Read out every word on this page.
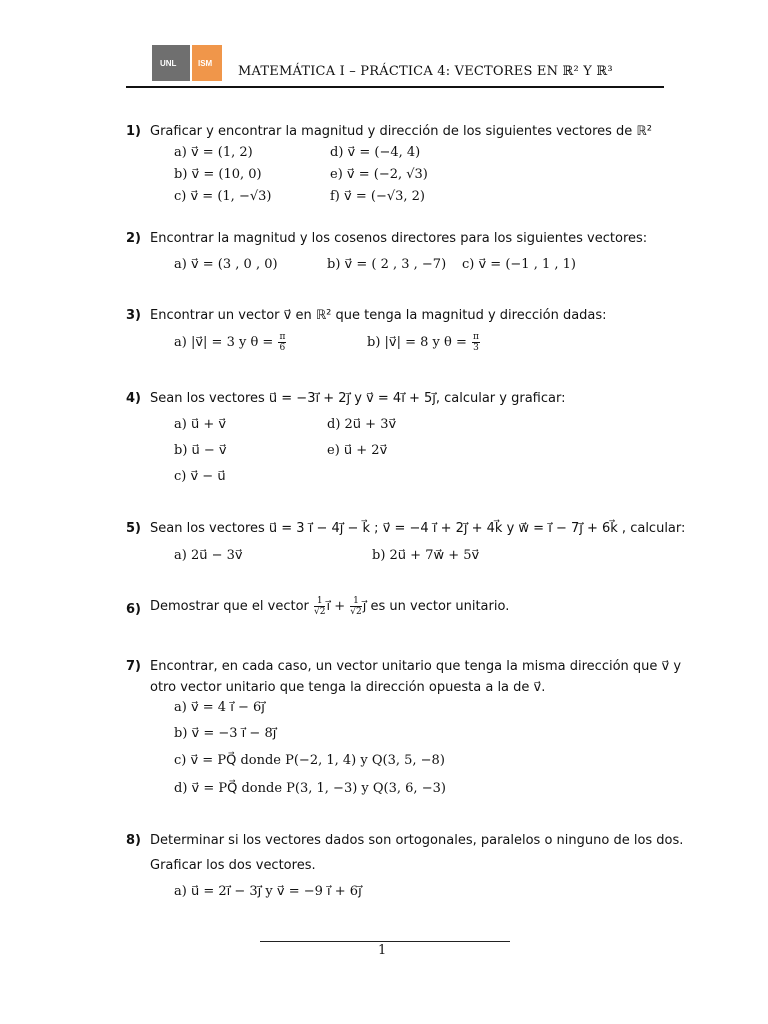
UNL	ISM
MATEMÁTICA I – PRÁCTICA 4: VECTORES EN ℝ² Y ℝ³
1) Graficar y encontrar la magnitud y dirección de los siguientes vectores de ℝ²
a) v⃗ = (1, 2)
b) v⃗ = (10, 0)
c) v⃗ = (1, −√3)
d) v⃗ = (−4, 4)
e) v⃗ = (−2, √3)
f) v⃗ = (−√3, 2)
2) Encontrar la magnitud y los cosenos directores para los siguientes vectores:
a) v⃗ = (3 , 0 , 0)	b) v⃗ = ( 2 , 3 , −7) c) v⃗ = (−1 , 1 , 1)
3) Encontrar un vector v⃗ en ℝ² que tenga la magnitud y dirección dadas:
a) |v⃗| = 3 y $\theta = \frac{\pi}{6}$	b) |v⃗| = 8 y $\theta = \frac{\pi}{3}$
4) Sean los vectores u⃗ = −3i⃗ + 2j⃗ y v⃗ = 4i⃗ + 5j⃗, calcular y graficar:
a) u⃗ + v⃗
b) u⃗ − v⃗
c) v⃗ − u⃗
d) 2u⃗ + 3v⃗
e) u⃗ + 2v⃗
5) Sean los vectores u⃗ = 3 i⃗ − 4j⃗ − k⃗ ; v⃗ = −4 i⃗ + 2j⃗ + 4k⃗ y w⃗ = i⃗ − 7j⃗ + 6k⃗ , calcular:
a) 2u⃗ − 3v⃗	b) 2u⃗ + 7w⃗ + 5v⃗
6) Demostrar que el vector $\frac{1}{√2}$ i⃗ + $\frac{1}{√2}$ j⃗ es un vector unitario.
7) Encontrar, en cada caso, un vector unitario que tenga la misma dirección que v⃗ y
otro vector unitario que tenga la dirección opuesta a la de v⃗.
a) v⃗ = 4 i⃗ − 6j⃗
b) v⃗ = −3 i⃗ − 8j⃗
c) v⃗ = PQ⃗ donde P(−2, 1, 4) y Q(3, 5, −8)
d) v⃗ = PQ⃗ donde P(3, 1, −3) y Q(3, 6, −3)
8) Determinar si los vectores dados son ortogonales, paralelos o ninguno de los dos.
Graficar los dos vectores.
a) u⃗ = 2i⃗ − 3j⃗ y v⃗ = −9 i⃗ + 6j⃗
1
